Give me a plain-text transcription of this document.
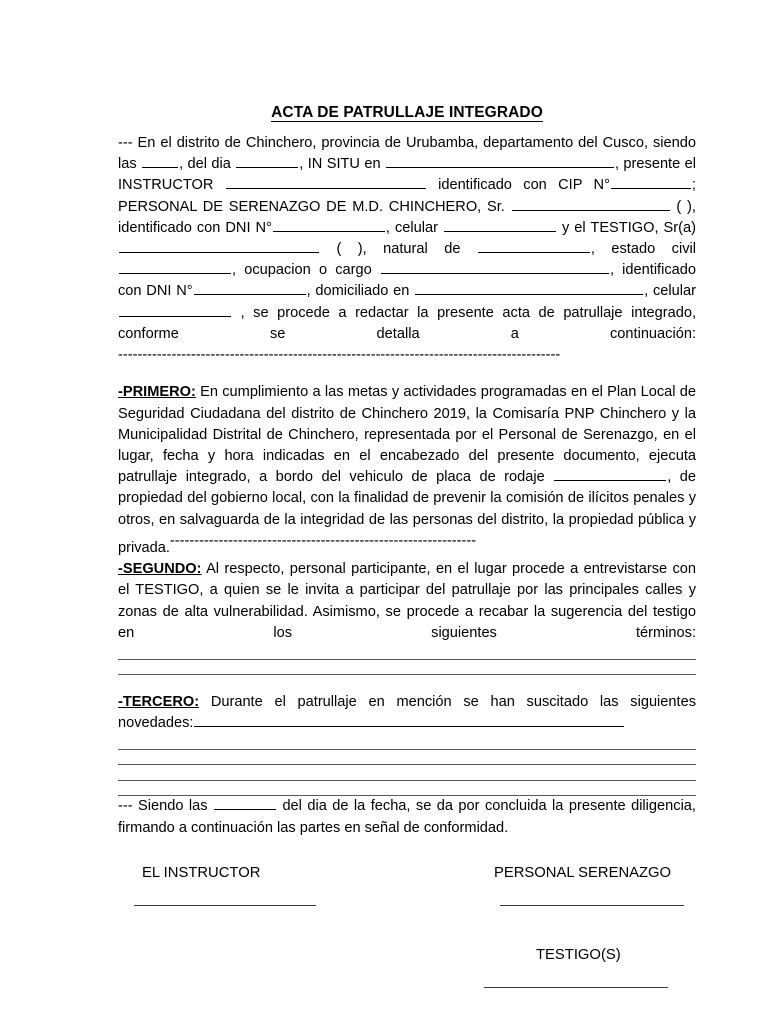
ACTA DE PATRULLAJE INTEGRADO

--- En el distrito de Chinchero, provincia de Urubamba, departamento del Cusco, siendo las	, del dia	, IN SITU en	, presente el INSTRUCTOR	identificado con CIP N°	;

PERSONAL DE SERENAZGO DE M.D. CHINCHERO, Sr.	( ), identificado con DNI N°	, celular	y el TESTIGO, Sr(a)

( ), natural de	, estado civil , ocupacion o cargo	, identificado con DNI N°	, domiciliado en	, celular  , se procede a redactar la presente acta de patrullaje integrado, conforme se detalla a continuación:-------------------------------------------------------------------------------------------

-PRIMERO: En cumplimiento a las metas y actividades programadas en el Plan Local de Seguridad Ciudadana del distrito de Chinchero 2019, la Comisaría PNP Chinchero y la Municipalidad Distrital de Chinchero, representada por el Personal de Serenazgo, en el lugar, fecha y hora indicadas en el encabezado del presente documento, ejecuta patrullaje integrado, a bordo del vehiculo de placa de rodaje	, de propiedad del gobierno local, con la finalidad de prevenir la comisión de ilícitos penales y otros, en salvaguarda de la integridad de las personas del distrito, la propiedad pública y privada.---------------------------------------------------------------

-SEGUNDO: Al respecto, personal participante, en el lugar procede a entrevistarse con el TESTIGO, a quien se le invita a participar del patrullaje por las principales calles y zonas de alta vulnerabilidad. Asimismo, se procede a recabar la sugerencia del testigo en los siguientes términos:

-TERCERO: Durante el patrullaje en mención se han suscitado las siguientes novedades:

--- Siendo las	del dia de la fecha, se da por concluida la presente diligencia, firmando a continuación las partes en señal de conformidad.

EL INSTRUCTOR	PERSONAL SERENAZGO
TESTIGO(S)
